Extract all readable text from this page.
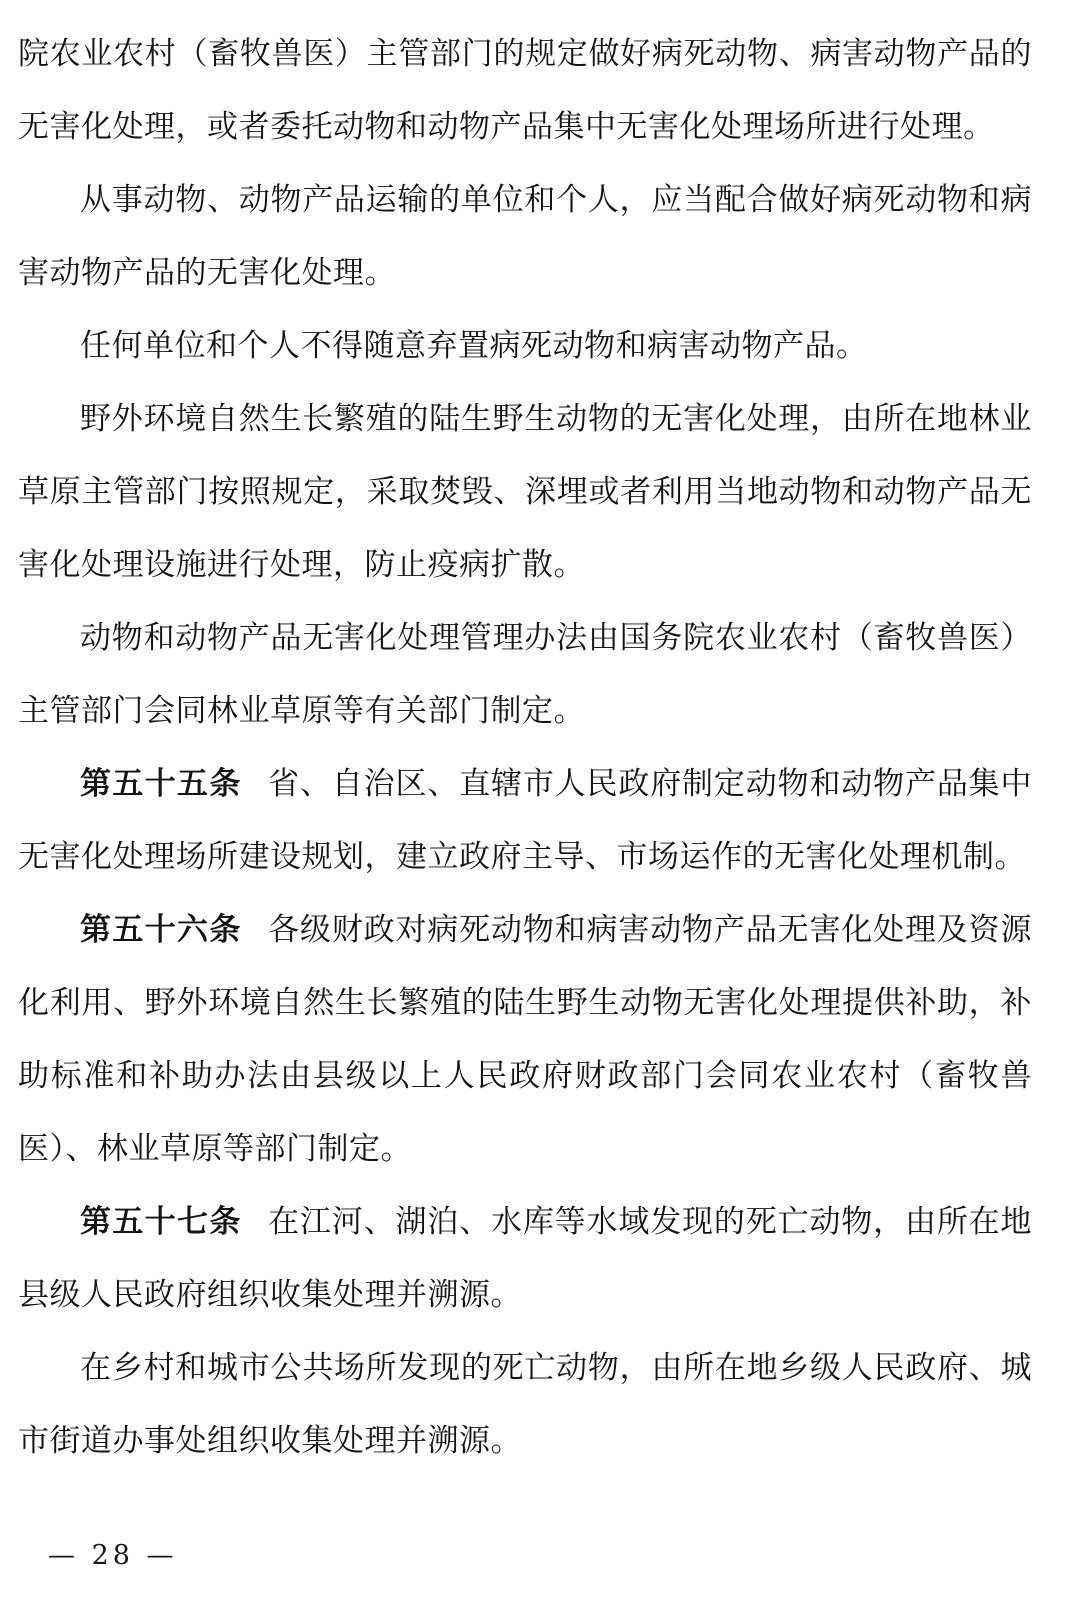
院农业农村（畜牧兽医）主管部门的规定做好病死动物、病害动物产品的无害化处理，或者委托动物和动物产品集中无害化处理场所进行处理。

从事动物、动物产品运输的单位和个人，应当配合做好病死动物和病害动物产品的无害化处理。

任何单位和个人不得随意弃置病死动物和病害动物产品。

野外环境自然生长繁殖的陆生野生动物的无害化处理，由所在地林业草原主管部门按照规定，采取焚毁、深埋或者利用当地动物和动物产品无害化处理设施进行处理，防止疫病扩散。

动物和动物产品无害化处理管理办法由国务院农业农村（畜牧兽医）主管部门会同林业草原等有关部门制定。

第五十五条 省、自治区、直辖市人民政府制定动物和动物产品集中无害化处理场所建设规划，建立政府主导、市场运作的无害化处理机制。

第五十六条 各级财政对病死动物和病害动物产品无害化处理及资源化利用、野外环境自然生长繁殖的陆生野生动物无害化处理提供补助，补助标准和补助办法由县级以上人民政府财政部门会同农业农村（畜牧兽医）、林业草原等部门制定。

第五十七条 在江河、湖泊、水库等水域发现的死亡动物，由所在地县级人民政府组织收集处理并溯源。

在乡村和城市公共场所发现的死亡动物，由所在地乡级人民政府、城市街道办事处组织收集处理并溯源。

— 28 —
